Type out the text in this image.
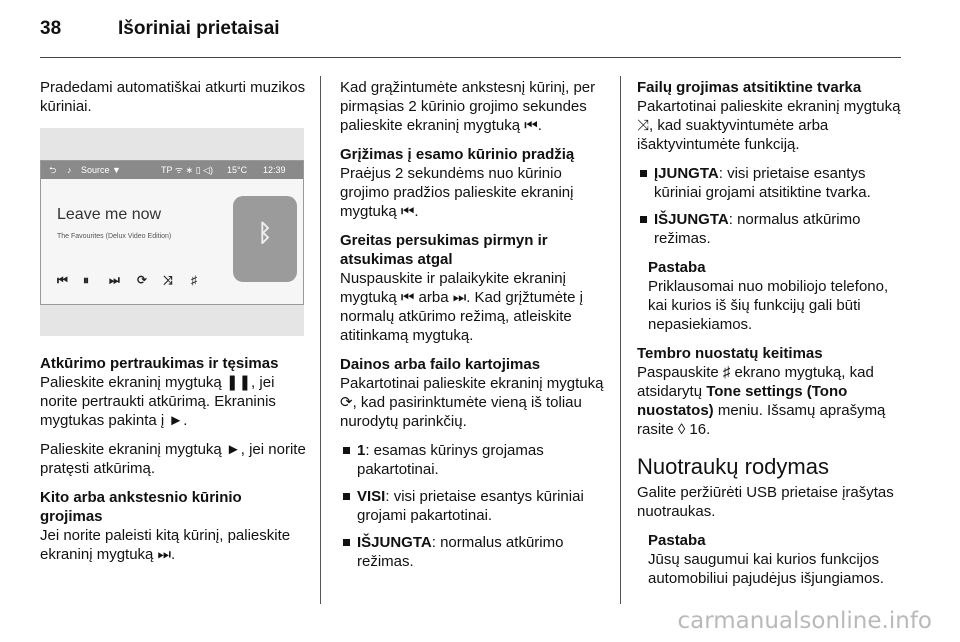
38	Išoriniai prietaisai

Pradedami automatiškai atkurti muzikos kūriniai.

⮌ ♪ Source ▼	TP ᯤ ∗ ▯ ◁) 15°C 12:39
Leave me now
The Favourites (Delux Video Edition)	ᛒ
⏮ ⏸ ⏭ ⟳ ⤨ ♯
Atkūrimo pertraukimas ir tęsimas

Palieskite ekraninį mygtuką ❚❚, jei norite pertraukti atkūrimą. Ekraninis mygtukas pakinta į ►.

Palieskite ekraninį mygtuką ►, jei norite pratęsti atkūrimą.

Kito arba ankstesnio kūrinio grojimas

Jei norite paleisti kitą kūrinį, palieskite ekraninį mygtuką ⏭.

Kad grąžintumėte ankstesnį kūrinį, per pirmąsias 2 kūrinio grojimo sekundes palieskite ekraninį mygtuką ⏮.

Grįžimas į esamo kūrinio pradžią

Praėjus 2 sekundėms nuo kūrinio grojimo pradžios palieskite ekraninį mygtuką ⏮.

Greitas persukimas pirmyn ir atsukimas atgal

Nuspauskite ir palaikykite ekraninį mygtuką ⏮ arba ⏭. Kad grįžtumėte į normalų atkūrimo režimą, atleiskite atitinkamą mygtuką.

Dainos arba failo kartojimas

Pakartotinai palieskite ekraninį mygtuką ⟳, kad pasirinktumėte vieną iš toliau nurodytų parinkčių.

1: esamas kūrinys grojamas pakartotinai.
VISI: visi prietaise esantys kūriniai grojami pakartotinai.
IŠJUNGTA: normalus atkūrimo režimas.
Failų grojimas atsitiktine tvarka

Pakartotinai palieskite ekraninį mygtuką ⤨, kad suaktyvintumėte arba išaktyvintumėte funkciją.

ĮJUNGTA: visi prietaise esantys kūriniai grojami atsitiktine tvarka.
IŠJUNGTA: normalus atkūrimo režimas.
Pastaba
Priklausomai nuo mobiliojo telefono, kai kurios iš šių funkcijų gali būti nepasiekiamos.
Tembro nuostatų keitimas

Paspauskite ♯ ekrano mygtuką, kad atsidarytų Tone settings (Tono nuostatos) meniu. Išsamų aprašymą rasite ◊ 16.

Nuotraukų rodymas

Galite peržiūrėti USB prietaise įrašytas nuotraukas.

Pastaba
Jūsų saugumui kai kurios funkcijos automobiliui pajudėjus išjungiamos.
carmanualsonline.info
